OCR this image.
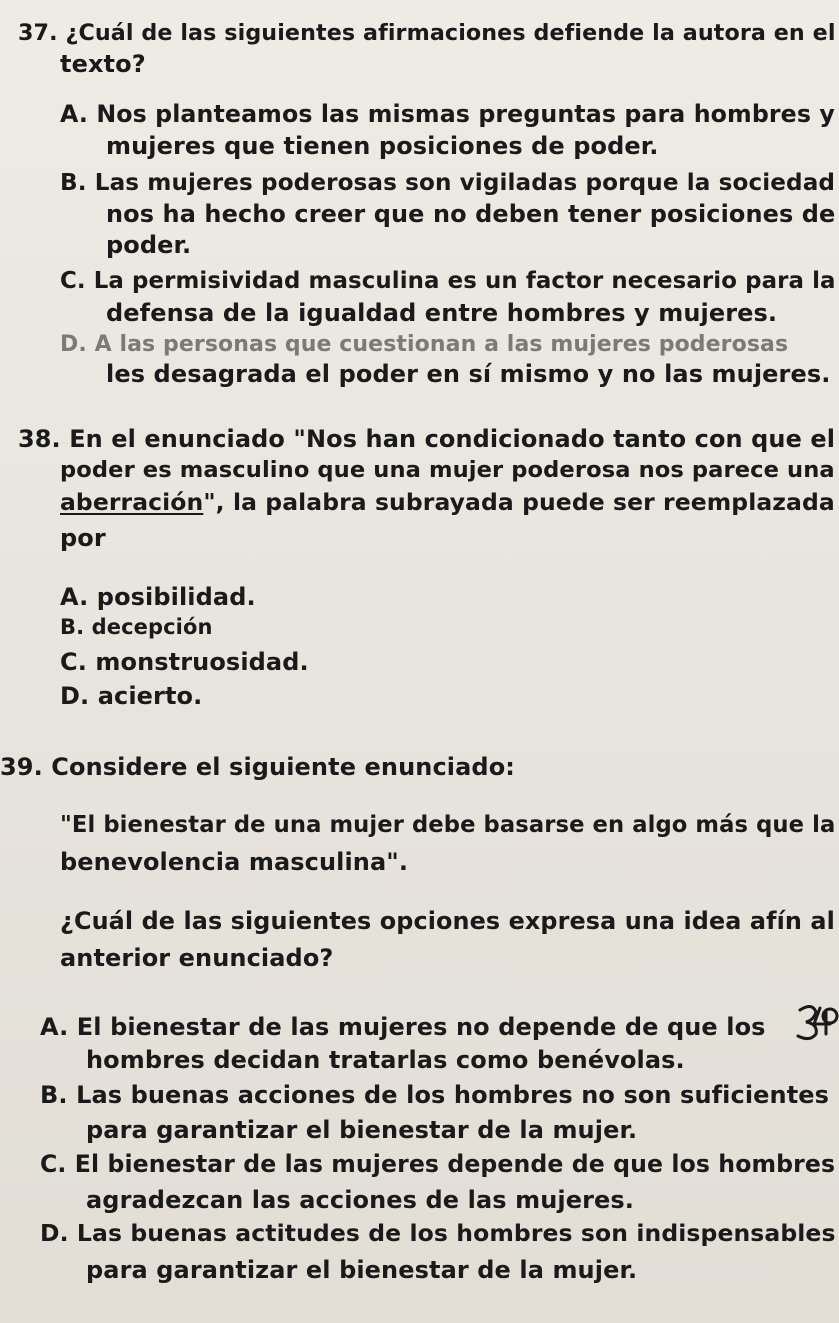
37. ¿Cuál de las siguientes afirmaciones defiende la autora en el
texto?
A. Nos planteamos las mismas preguntas para hombres y
mujeres que tienen posiciones de poder.
B. Las mujeres poderosas son vigiladas porque la sociedad
nos ha hecho creer que no deben tener posiciones de
poder.
C. La permisividad masculina es un factor necesario para la
defensa de la igualdad entre hombres y mujeres.
D. A las personas que cuestionan a las mujeres poderosas
les desagrada el poder en sí mismo y no las mujeres.
38. En el enunciado "Nos han condicionado tanto con que el
poder es masculino que una mujer poderosa nos parece una
aberración", la palabra subrayada puede ser reemplazada
por
A. posibilidad.
B. decepción
C. monstruosidad.
D. acierto.
39. Considere el siguiente enunciado:
"El bienestar de una mujer debe basarse en algo más que la
benevolencia masculina".
¿Cuál de las siguientes opciones expresa una idea afín al
anterior enunciado?
A. El bienestar de las mujeres no depende de que los
hombres decidan tratarlas como benévolas.
B. Las buenas acciones de los hombres no son suficientes
para garantizar el bienestar de la mujer.
C. El bienestar de las mujeres depende de que los hombres
agradezcan las acciones de las mujeres.
D. Las buenas actitudes de los hombres son indispensables
para garantizar el bienestar de la mujer.
